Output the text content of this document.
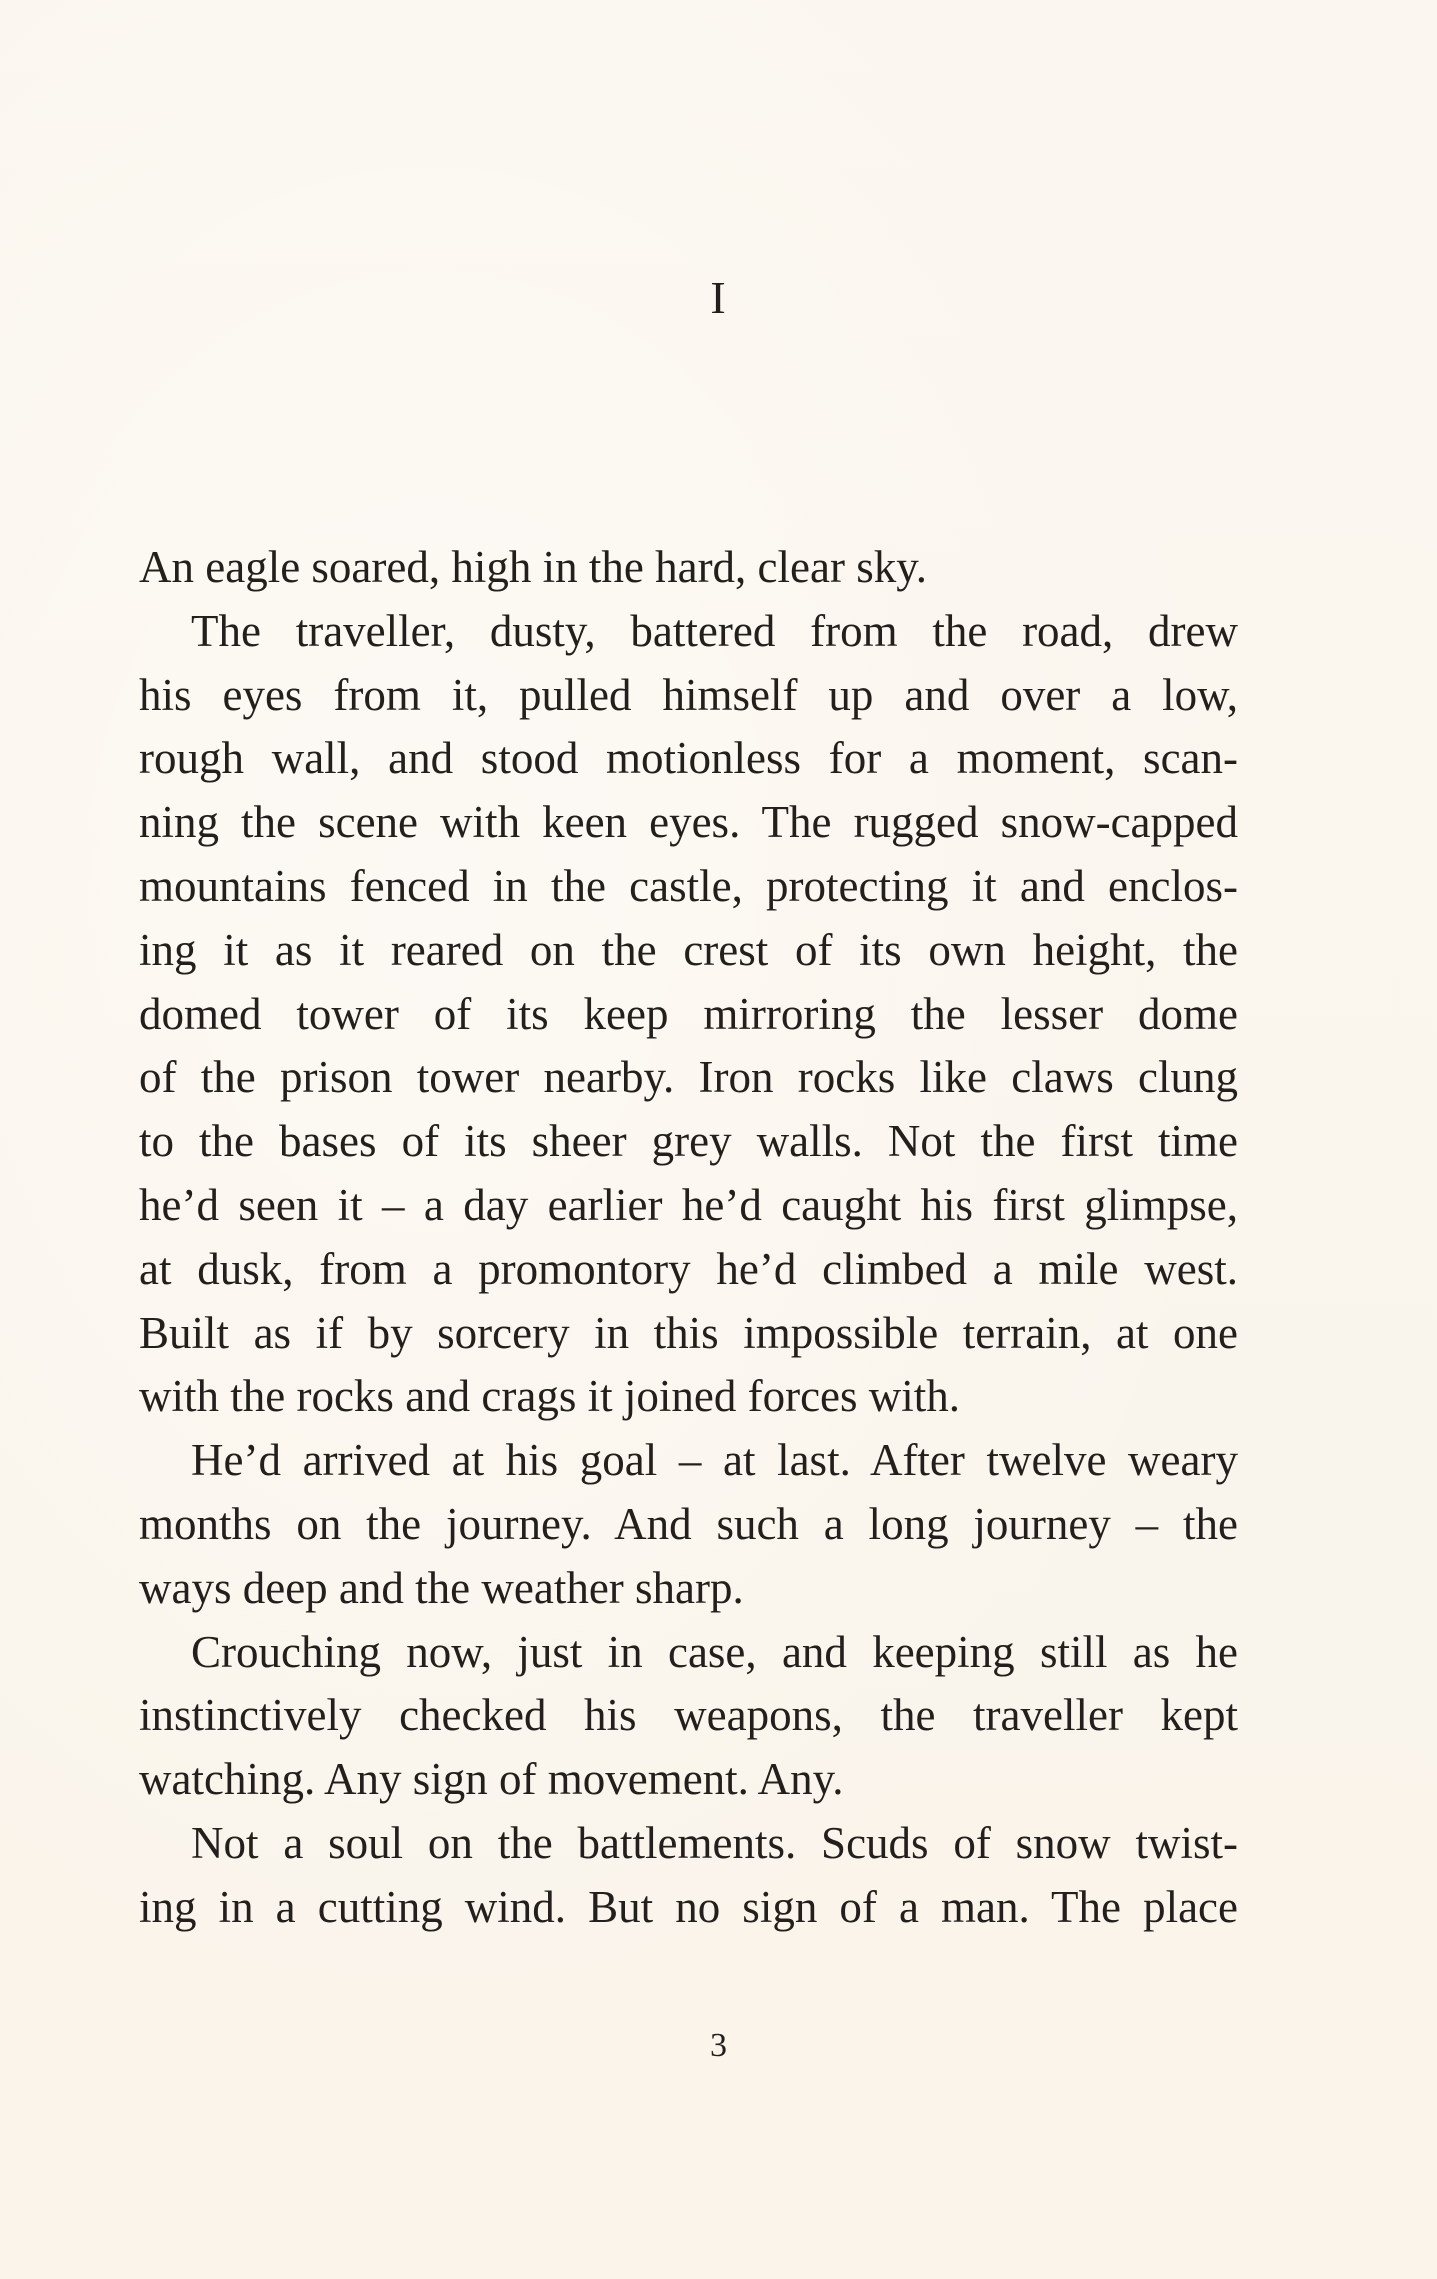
I
An eagle soared, high in the hard, clear sky.
The traveller, dusty, battered from the road, drew
his eyes from it, pulled himself up and over a low,
rough wall, and stood motionless for a moment, scan-
ning the scene with keen eyes. The rugged snow-capped
mountains fenced in the castle, protecting it and enclos-
ing it as it reared on the crest of its own height, the
domed tower of its keep mirroring the lesser dome
of the prison tower nearby. Iron rocks like claws clung
to the bases of its sheer grey walls. Not the first time
he’d seen it – a day earlier he’d caught his first glimpse,
at dusk, from a promontory he’d climbed a mile west.
Built as if by sorcery in this impossible terrain, at one
with the rocks and crags it joined forces with.
He’d arrived at his goal – at last. After twelve weary
months on the journey. And such a long journey – the
ways deep and the weather sharp.
Crouching now, just in case, and keeping still as he
instinctively checked his weapons, the traveller kept
watching. Any sign of movement. Any.
Not a soul on the battlements. Scuds of snow twist-
ing in a cutting wind. But no sign of a man. The place
3
